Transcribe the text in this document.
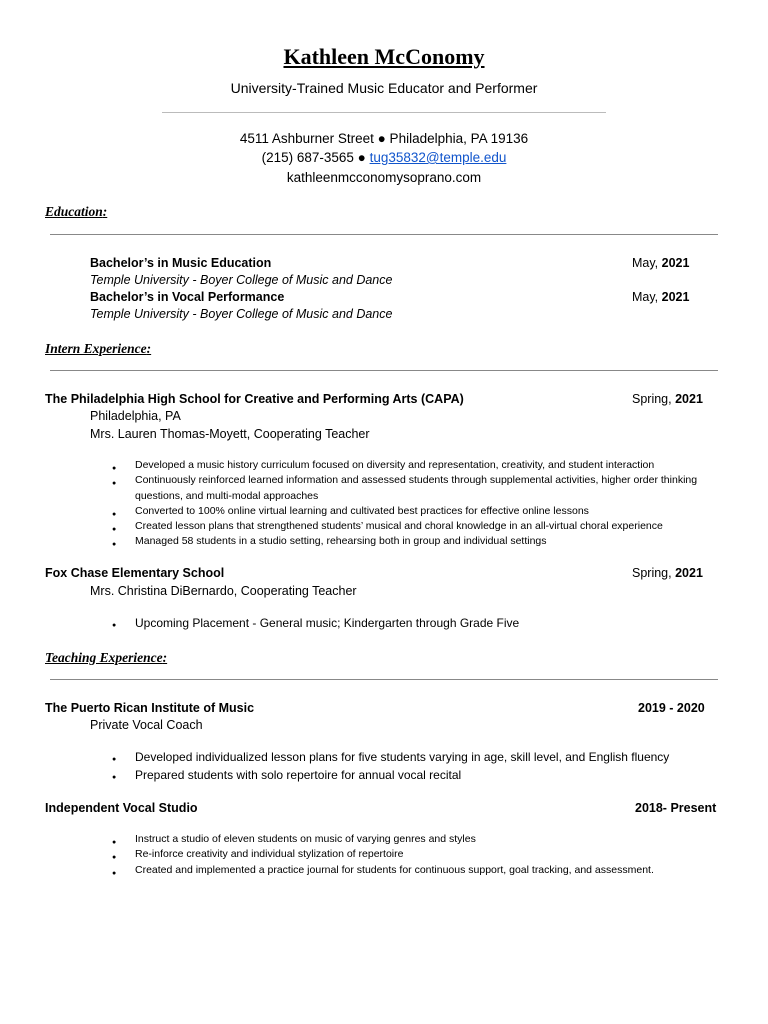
Kathleen McConomy
University-Trained Music Educator and Performer
4511 Ashburner Street ● Philadelphia, PA 19136
(215) 687-3565 ● tug35832@temple.edu
kathleenmcconomysoprano.com
Education:
Bachelor’s in Music Education	May, 2021
Temple University - Boyer College of Music and Dance
Bachelor’s in Vocal Performance	May, 2021
Temple University - Boyer College of Music and Dance
Intern Experience:
The Philadelphia High School for Creative and Performing Arts (CAPA)	Spring, 2021
Philadelphia, PA
Mrs. Lauren Thomas-Moyett, Cooperating Teacher
● Developed a music history curriculum focused on diversity and representation, creativity, and student interaction
● Continuously reinforced learned information and assessed students through supplemental activities, higher order thinking questions, and multi-modal approaches
● Converted to 100% online virtual learning and cultivated best practices for effective online lessons
● Created lesson plans that strengthened students’ musical and choral knowledge in an all-virtual choral experience
● Managed 58 students in a studio setting, rehearsing both in group and individual settings
Fox Chase Elementary School	Spring, 2021
Mrs. Christina DiBernardo, Cooperating Teacher
● Upcoming Placement - General music; Kindergarten through Grade Five
Teaching Experience:
The Puerto Rican Institute of Music	2019 - 2020
Private Vocal Coach
● Developed individualized lesson plans for five students varying in age, skill level, and English fluency
● Prepared students with solo repertoire for annual vocal recital
Independent Vocal Studio	2018- Present
● Instruct a studio of eleven students on music of varying genres and styles
● Re-inforce creativity and individual stylization of repertoire
● Created and implemented a practice journal for students for continuous support, goal tracking, and assessment.
